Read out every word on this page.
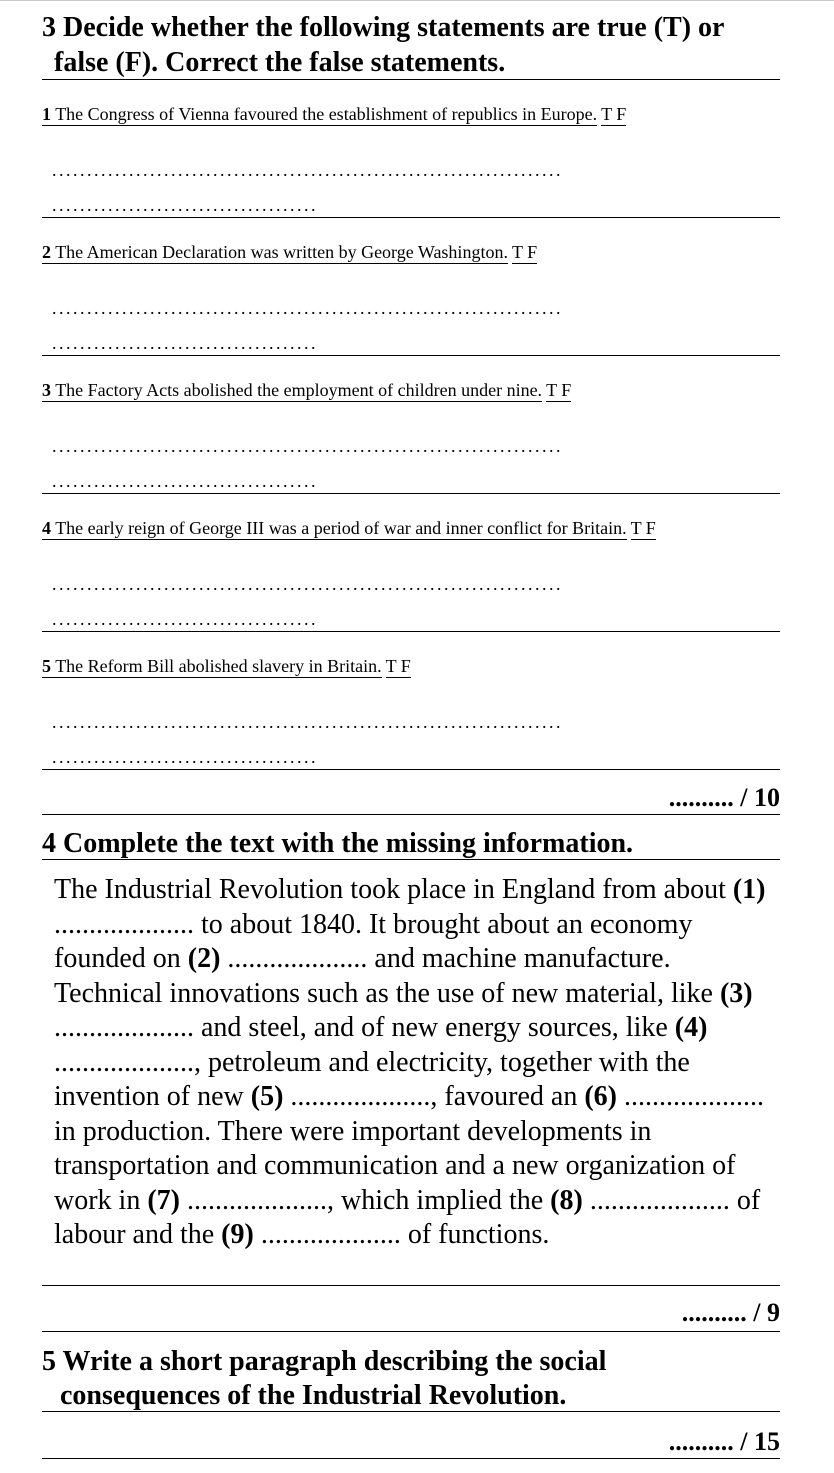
3 Decide whether the following statements are true (T) or
false (F). Correct the false statements.
1 The Congress of Vienna favoured the establishment of republics in Europe. T F
.........................................................................
......................................
2 The American Declaration was written by George Washington. T F
.........................................................................
......................................
3 The Factory Acts abolished the employment of children under nine. T F
.........................................................................
......................................
4 The early reign of George III was a period of war and inner conflict for Britain. T F
.........................................................................
......................................
5 The Reform Bill abolished slavery in Britain. T F
.........................................................................
......................................
.......... / 10
4 Complete the text with the missing information.

The Industrial Revolution took place in England from about (1) .................... to about 1840. It brought about an economy founded on (2) .................... and machine manufacture. Technical innovations such as the use of new material, like (3) .................... and steel, and of new energy sources, like (4) ...................., petroleum and electricity, together with the invention of new (5) ...................., favoured an (6) .................... in production. There were important developments in transportation and communication and a new organization of work in (7) ...................., which implied the (8) .................... of labour and the (9) .................... of functions.

.......... / 9
5 Write a short paragraph describing the social
consequences of the Industrial Revolution.
.......... / 15
